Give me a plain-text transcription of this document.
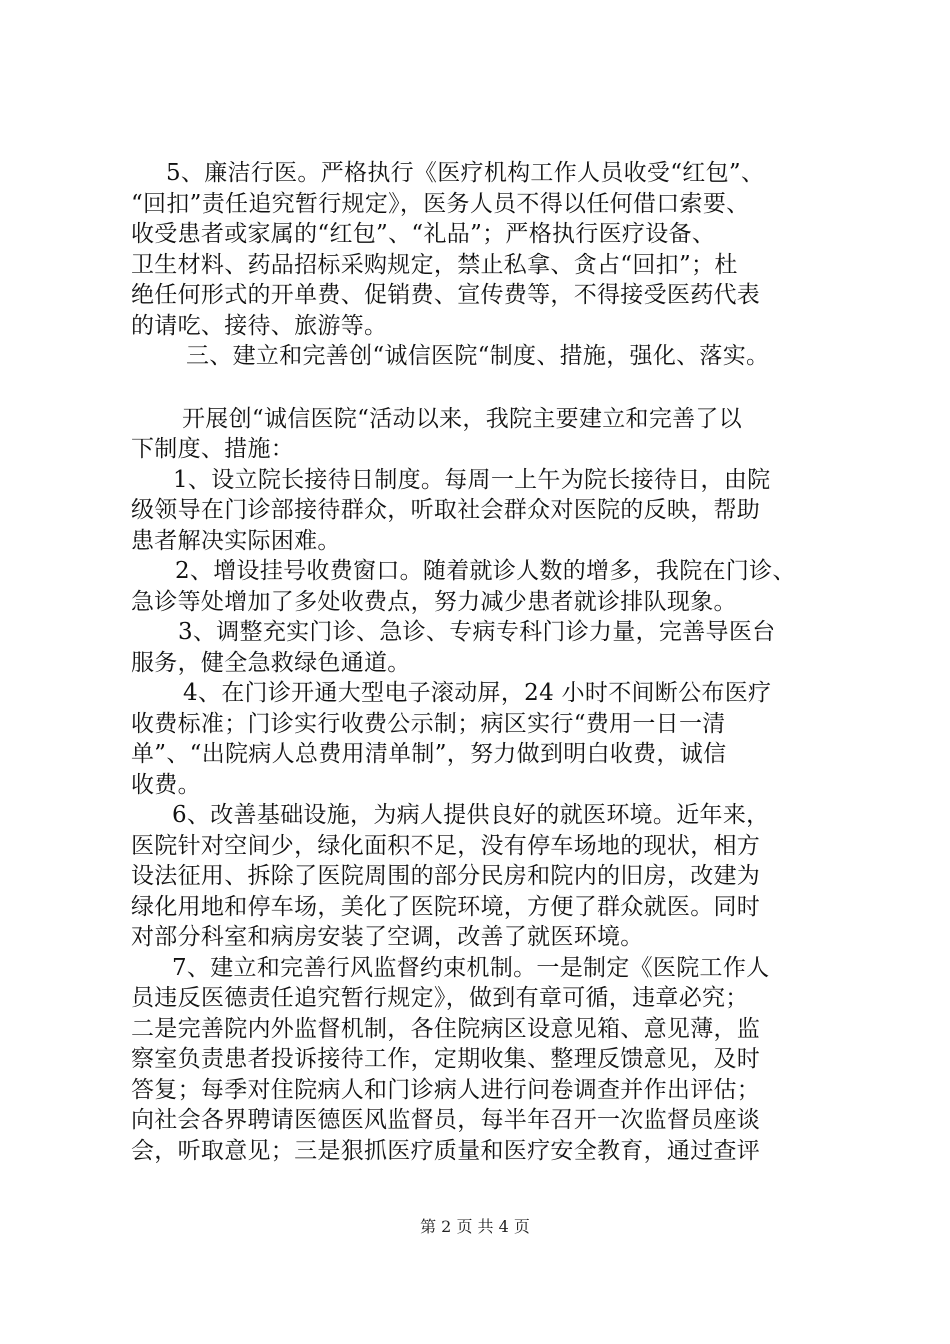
5、廉洁行医。严格执行《医疗机构工作人员收受“红包”、
“回扣”责任追究暂行规定》，医务人员不得以任何借口索要、
收受患者或家属的“红包”、“礼品”；严格执行医疗设备、
卫生材料、药品招标采购规定，禁止私拿、贪占“回扣”；杜
绝任何形式的开单费、促销费、宣传费等，不得接受医药代表
的请吃、接待、旅游等。
三、建立和完善创“诚信医院“制度、措施，强化、落实。
开展创“诚信医院“活动以来，我院主要建立和完善了以
下制度、措施：
1、设立院长接待日制度。每周一上午为院长接待日，由院
级领导在门诊部接待群众，听取社会群众对医院的反映，帮助
患者解决实际困难。
2、增设挂号收费窗口。随着就诊人数的增多，我院在门诊、
急诊等处增加了多处收费点，努力减少患者就诊排队现象。
3、调整充实门诊、急诊、专病专科门诊力量，完善导医台
服务，健全急救绿色通道。
4、在门诊开通大型电子滚动屏，24 小时不间断公布医疗
收费标准；门诊实行收费公示制；病区实行“费用一日一清
单”、“出院病人总费用清单制”，努力做到明白收费，诚信
收费。
6、改善基础设施，为病人提供良好的就医环境。近年来，
医院针对空间少，绿化面积不足，没有停车场地的现状，相方
设法征用、拆除了医院周围的部分民房和院内的旧房，改建为
绿化用地和停车场，美化了医院环境，方便了群众就医。同时
对部分科室和病房安装了空调，改善了就医环境。
7、建立和完善行风监督约束机制。一是制定《医院工作人
员违反医德责任追究暂行规定》，做到有章可循，违章必究；
二是完善院内外监督机制，各住院病区设意见箱、意见薄，监
察室负责患者投诉接待工作，定期收集、整理反馈意见，及时
答复；每季对住院病人和门诊病人进行问卷调查并作出评估；
向社会各界聘请医德医风监督员，每半年召开一次监督员座谈
会，听取意见；三是狠抓医疗质量和医疗安全教育，通过查评
第 2 页 共 4 页
